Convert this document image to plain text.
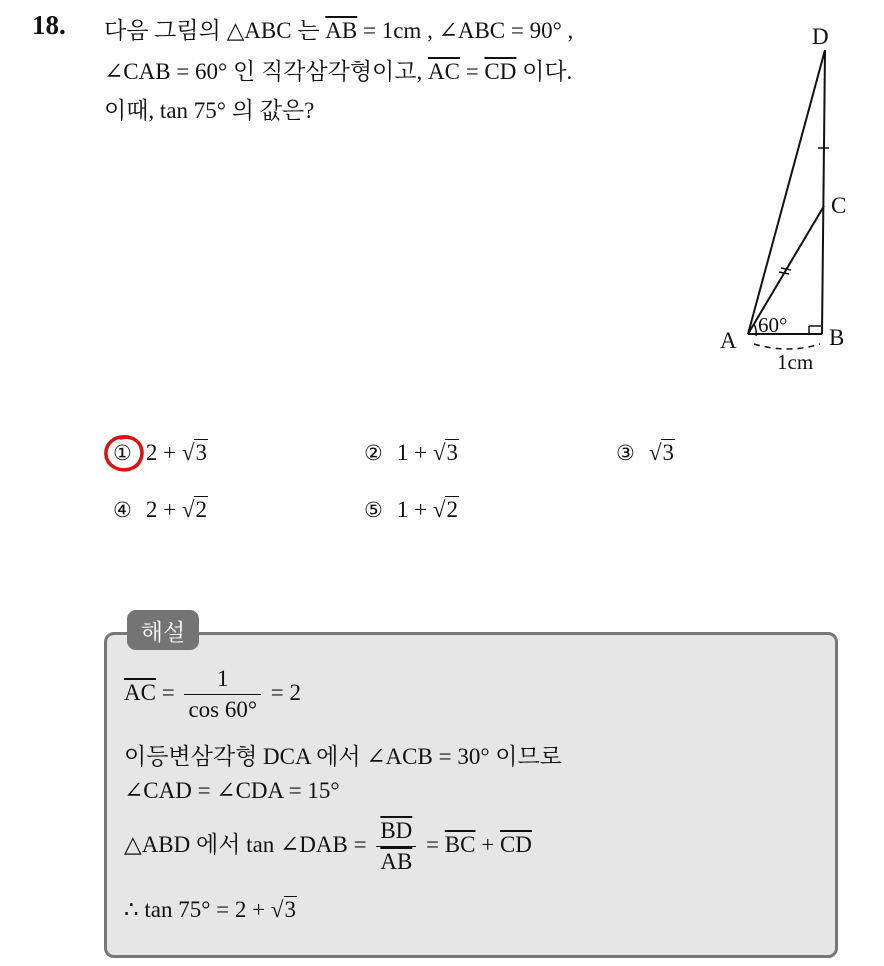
18. 다음 그림의 △ABC 는 $\overline{AB} = 1cm$ , ∠ABC = 90° ,
∠CAB = 60° 인 직각삼각형이고, $\overline{AC} = \overline{CD}$ 이다.
이때, tan 75° 의 값은?
D
C
A	B
60°
1cm
① 2 + √3	② 1 + √3	③ √3
④ 2 + √2	⑤ 1 + √2
해설
$\overline{AC} = \frac{1}{\cos 60^\circ} = 2$
이등변삼각형 DCA 에서 ∠ACB = 30° 이므로
∠CAD = ∠CDA = 15°
△ABD 에서 tan ∠DAB = $\frac{\overline{BD}}{AB} = \overline{BC} + \overline{CD}$
∴ tan 75° = 2 + √3
